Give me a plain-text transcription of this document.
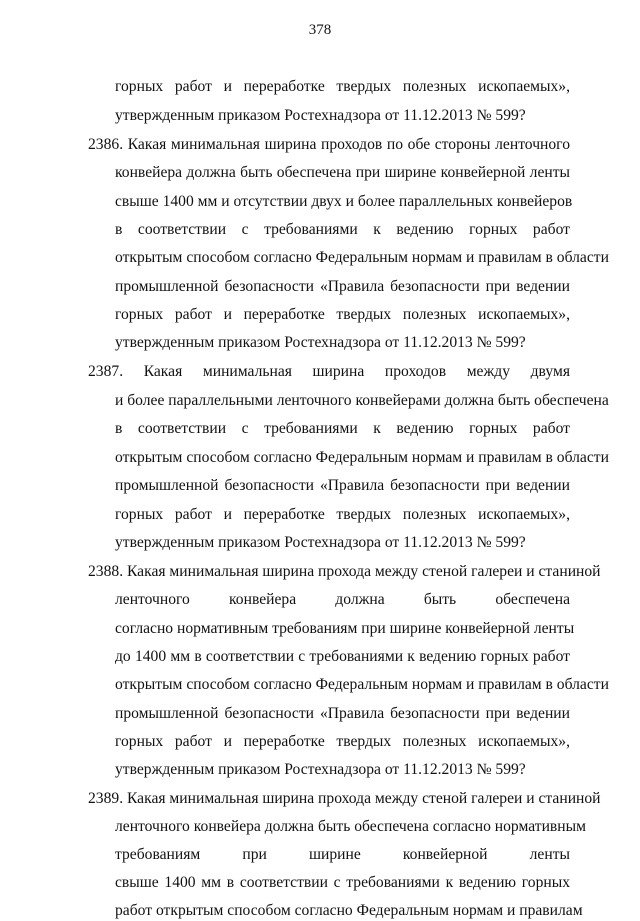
378
горных работ и переработке твердых полезных ископаемых»,
утвержденным приказом Ростехнадзора от 11.12.2013 № 599?
2386. Какая минимальная ширина проходов по обе стороны ленточного
конвейера должна быть обеспечена при ширине конвейерной ленты
свыше 1400 мм и отсутствии двух и более параллельных конвейеров
в соответствии с требованиями к ведению горных работ
открытым способом согласно Федеральным нормам и правилам в области
промышленной безопасности «Правила безопасности при ведении
горных работ и переработке твердых полезных ископаемых»,
утвержденным приказом Ростехнадзора от 11.12.2013 № 599?
2387. Какая минимальная ширина проходов между двумя
и более параллельными ленточного конвейерами должна быть обеспечена
в соответствии с требованиями к ведению горных работ
открытым способом согласно Федеральным нормам и правилам в области
промышленной безопасности «Правила безопасности при ведении
горных работ и переработке твердых полезных ископаемых»,
утвержденным приказом Ростехнадзора от 11.12.2013 № 599?
2388. Какая минимальная ширина прохода между стеной галереи и станиной
ленточного конвейера должна быть обеспечена
согласно нормативным требованиям при ширине конвейерной ленты
до 1400 мм в соответствии с требованиями к ведению горных работ
открытым способом согласно Федеральным нормам и правилам в области
промышленной безопасности «Правила безопасности при ведении
горных работ и переработке твердых полезных ископаемых»,
утвержденным приказом Ростехнадзора от 11.12.2013 № 599?
2389. Какая минимальная ширина прохода между стеной галереи и станиной
ленточного конвейера должна быть обеспечена согласно нормативным
требованиям при ширине конвейерной ленты
свыше 1400 мм в соответствии с требованиями к ведению горных
работ открытым способом согласно Федеральным нормам и правилам
